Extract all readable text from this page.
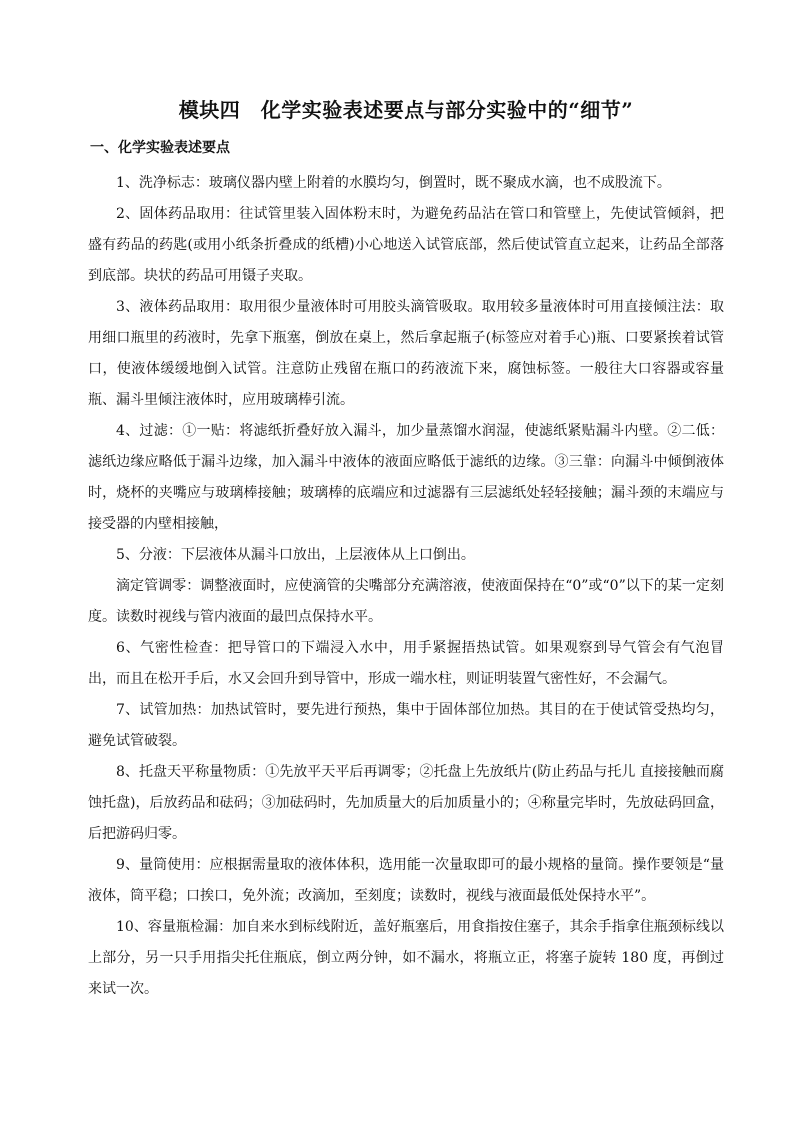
模块四　化学实验表述要点与部分实验中的“细节”
一、化学实验表述要点

1、洗净标志：玻璃仪器内壁上附着的水膜均匀，倒置时，既不聚成水滴，也不成股流下。

2、固体药品取用：往试管里装入固体粉末时，为避免药品沾在管口和管壁上，先使试管倾斜，把盛有药品的药匙(或用小纸条折叠成的纸槽)小心地送入试管底部，然后使试管直立起来，让药品全部落到底部。块状的药品可用镊子夹取。

3、液体药品取用：取用很少量液体时可用胶头滴管吸取。取用较多量液体时可用直接倾注法：取用细口瓶里的药液时，先拿下瓶塞，倒放在桌上，然后拿起瓶子(标签应对着手心)瓶、口要紧挨着试管口，使液体缓缓地倒入试管。注意防止残留在瓶口的药液流下来，腐蚀标签。一般往大口容器或容量瓶、漏斗里倾注液体时，应用玻璃棒引流。

4、过滤：①一贴：将滤纸折叠好放入漏斗，加少量蒸馏水润湿，使滤纸紧贴漏斗内壁。②二低：滤纸边缘应略低于漏斗边缘，加入漏斗中液体的液面应略低于滤纸的边缘。③三靠：向漏斗中倾倒液体时，烧杯的夹嘴应与玻璃棒接触；玻璃棒的底端应和过滤器有三层滤纸处轻轻接触；漏斗颈的末端应与接受器的内壁相接触，

5、分液：下层液体从漏斗口放出，上层液体从上口倒出。

滴定管调零：调整液面时，应使滴管的尖嘴部分充满溶液，使液面保持在“0”或“0”以下的某一定刻度。读数时视线与管内液面的最凹点保持水平。

6、气密性检查：把导管口的下端浸入水中，用手紧握捂热试管。如果观察到导气管会有气泡冒出，而且在松开手后，水又会回升到导管中，形成一端水柱，则证明装置气密性好，不会漏气。

7、试管加热：加热试管时，要先进行预热，集中于固体部位加热。其目的在于使试管受热均匀，避免试管破裂。

8、托盘天平称量物质：①先放平天平后再调零；②托盘上先放纸片(防止药品与托儿 直接接触而腐蚀托盘)，后放药品和砝码；③加砝码时，先加质量大的后加质量小的；④称量完毕时，先放砝码回盒，后把游码归零。

9、量筒使用：应根据需量取的液体体积，选用能一次量取即可的最小规格的量筒。操作要领是“量液体，筒平稳；口挨口，免外流；改滴加，至刻度；读数时，视线与液面最低处保持水平”。

10、容量瓶检漏：加自来水到标线附近，盖好瓶塞后，用食指按住塞子，其余手指拿住瓶颈标线以上部分，另一只手用指尖托住瓶底，倒立两分钟，如不漏水，将瓶立正，将塞子旋转 180 度，再倒过来试一次。
